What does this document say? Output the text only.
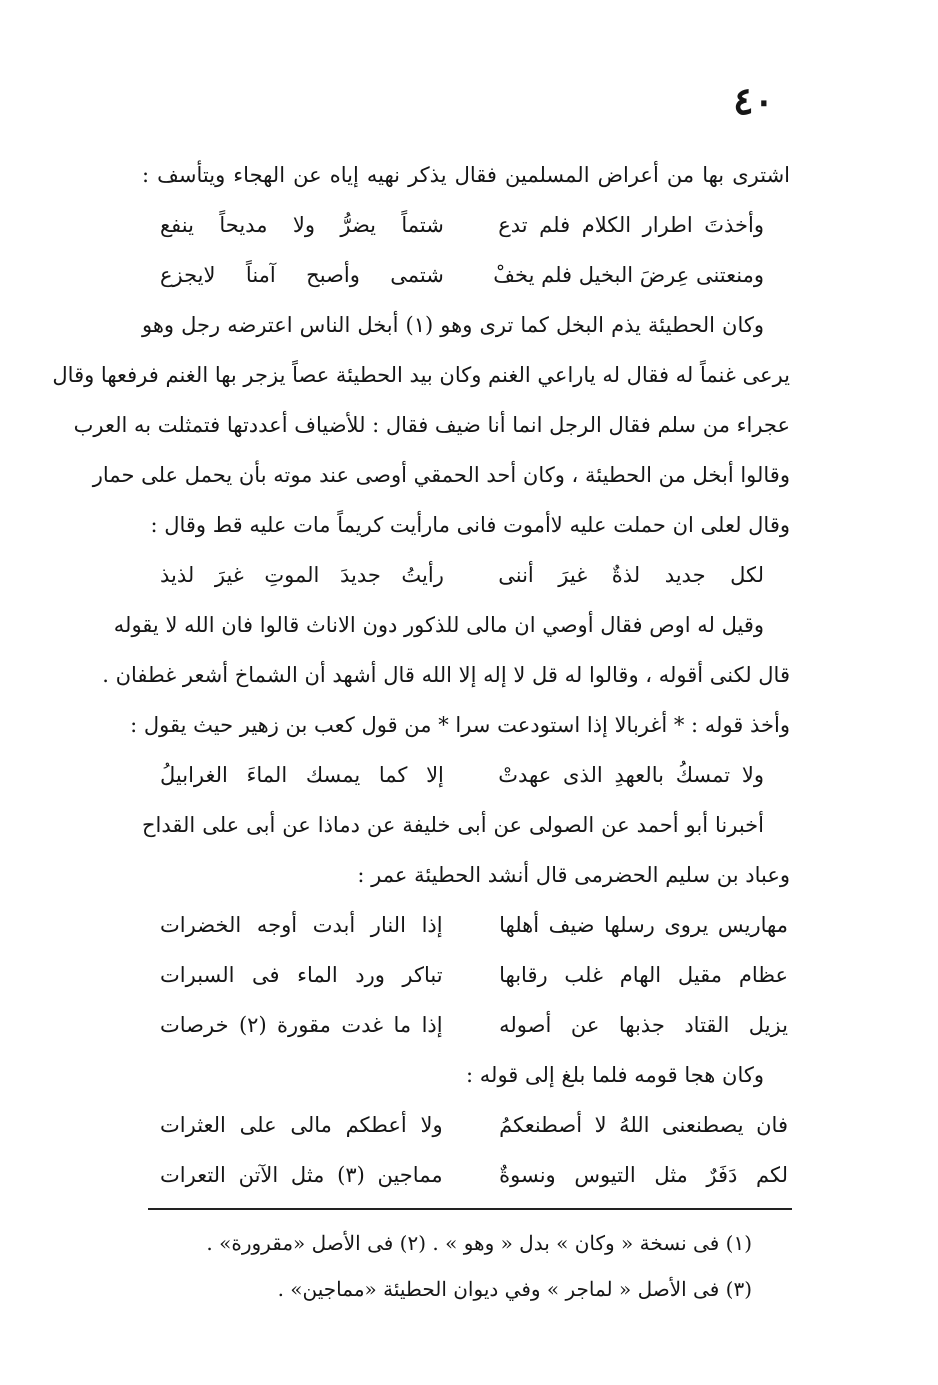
٤٠
اشترى بها من أعراض المسلمين فقال يذكر نهيه إياه عن الهجاء ويتأسف :
وأخذتَ اطرار الكلام فلم تدع
شتماً يضرُّ ولا مديحاً ينفع
ومنعتنى عِرضَ البخيل فلم يخفْ
شتمى وأصبح آمناً لايجزع
وكان الحطيئة يذم البخل كما ترى وهو (١) أبخل الناس اعترضه رجل وهو
يرعى غنماً له فقال له ياراعي الغنم وكان بيد الحطيئة عصاً يزجر بها الغنم فرفعها وقال
عجراء من سلم فقال الرجل انما أنا ضيف فقال : للأضياف أعددتها فتمثلت به العرب
وقالوا أبخل من الحطيئة ، وكان أحد الحمقي أوصى عند موته بأن يحمل على حمار
وقال لعلى ان حملت عليه لاأموت فانى مارأيت كريماً مات عليه قط وقال :
لكل جديد لذةٌ غيرَ أننى
رأيتُ جديدَ الموتِ غيرَ لذيذ
وقيل له اوص فقال أوصي ان مالى للذكور دون الاناث قالوا فان الله لا يقوله
قال لكنى أقوله ، وقالوا له قل لا إله إلا الله قال أشهد أن الشماخ أشعر غطفان .
وأخذ قوله : * أغربالا إذا استودعت سرا * من قول كعب بن زهير حيث يقول :
ولا تمسكُ بالعهدِ الذى عهدتْ
إلا كما يمسك الماءَ الغرابيلُ
أخبرنا أبو أحمد عن الصولى عن أبى خليفة عن دماذا عن أبى على القداح
وعباد بن سليم الحضرمى قال أنشد الحطيئة عمر :
مهاريس يروى رسلها ضيف أهلها
إذا النار أبدت أوجه الخضرات
عظام مقيل الهام غلب رقابها
تباكر ورد الماء فى السبرات
يزيل القتاد جذبها عن أصوله
إذا ما غدت مقورة (٢) خرصات
وكان هجا قومه فلما بلغ إلى قوله :
فان يصطنعنى اللهُ لا أصطنعكمُ
ولا أعطكم مالى على العثرات
لكم دَفَرٌ مثل التيوس ونسوةٌ
مماجين (٣) مثل الآتن التعرات
(١) فى نسخة « وكان » بدل « وهو » . (٢) فى الأصل «مقرورة» .
(٣) فى الأصل « لماجر » وفي ديوان الحطيئة «مماجين» .
